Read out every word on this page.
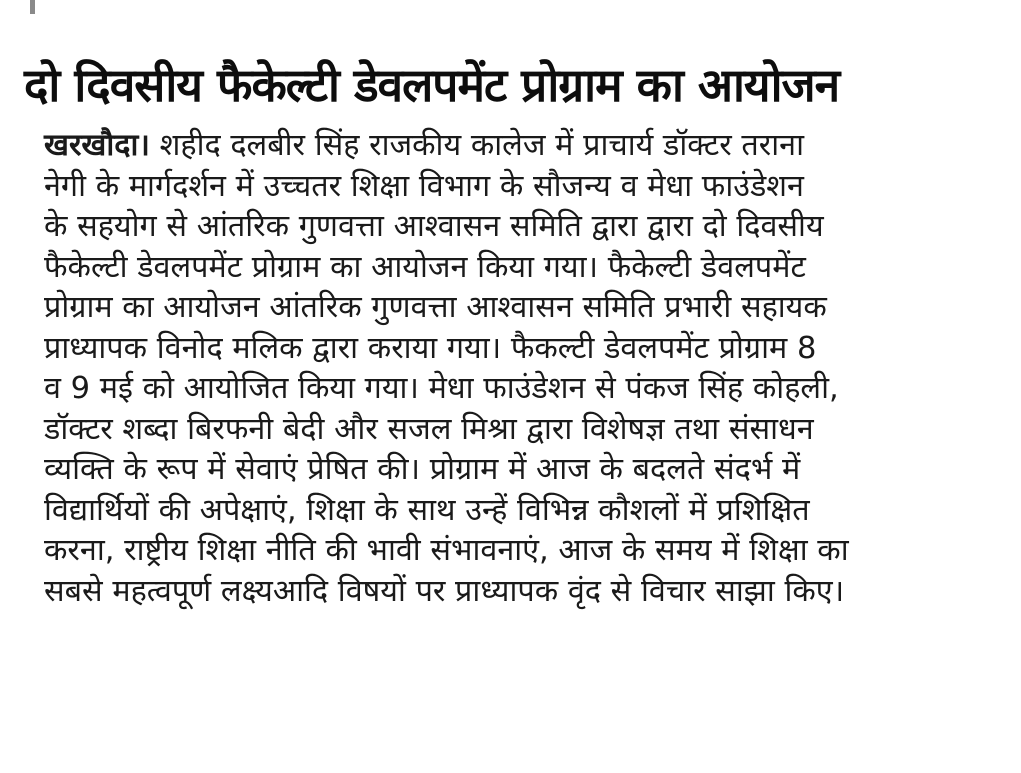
दो दिवसीय फैकेल्टी डेवलपमेंट प्रोग्राम का आयोजन
खरखौदा। शहीद दलबीर सिंह राजकीय कालेज में प्राचार्य डॉक्टर तराना
नेगी के मार्गदर्शन में उच्चतर शिक्षा विभाग के सौजन्य व मेधा फाउंडेशन
के सहयोग से आंतरिक गुणवत्ता आश्वासन समिति द्वारा द्वारा दो दिवसीय
फैकेल्टी डेवलपमेंट प्रोग्राम का आयोजन किया गया। फैकेल्टी डेवलपमेंट
प्रोग्राम का आयोजन आंतरिक गुणवत्ता आश्वासन समिति प्रभारी सहायक
प्राध्यापक विनोद मलिक द्वारा कराया गया। फैकल्टी डेवलपमेंट प्रोग्राम 8
व 9 मई को आयोजित किया गया। मेधा फाउंडेशन से पंकज सिंह कोहली,
डॉक्टर शब्दा बिरफनी बेदी और सजल मिश्रा द्वारा विशेषज्ञ तथा संसाधन
व्यक्ति के रूप में सेवाएं प्रेषित की। प्रोग्राम में आज के बदलते संदर्भ में
विद्यार्थियों की अपेक्षाएं, शिक्षा के साथ उन्हें विभिन्न कौशलों में प्रशिक्षित
करना, राष्ट्रीय शिक्षा नीति की भावी संभावनाएं, आज के समय में शिक्षा का
सबसे महत्वपूर्ण लक्ष्यआदि विषयों पर प्राध्यापक वृंद से विचार साझा किए।
